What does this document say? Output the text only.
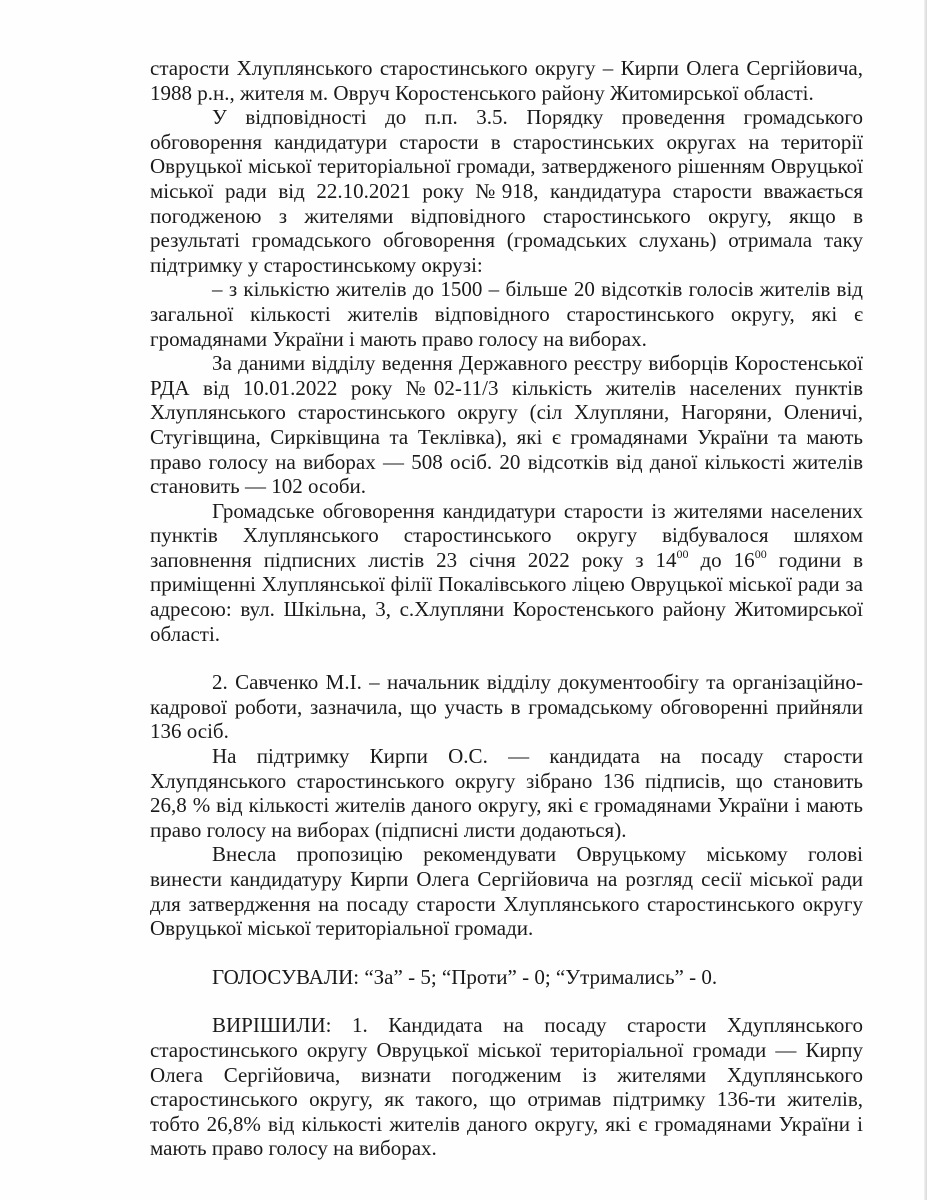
старости Хлуплянського старостинського округу – Кирпи Олега Сергійовича, 1988 р.н., жителя м. Овруч Коростенського району Житомирської області.

У відповідності до п.п. 3.5. Порядку проведення громадського обговорення кандидатури старости в старостинських округах на території Овруцької міської територіальної громади, затвердженого рішенням Овруцької міської ради від 22.10.2021 року №918, кандидатура старости вважається погодженою з жителями відповідного старостинського округу, якщо в результаті громадського обговорення (громадських слухань) отримала таку підтримку у старостинському окрузі:

– з кількістю жителів до 1500 – більше 20 відсотків голосів жителів від загальної кількості жителів відповідного старостинського округу, які є громадянами України і мають право голосу на виборах.

За даними відділу ведення Державного реєстру виборців Коростенської РДА від 10.01.2022 року №02-11/3 кількість жителів населених пунктів Хлуплянського старостинського округу (сіл Хлупляни, Нагоряни, Оленичі, Стугівщина, Сирківщина та Теклівка), які є громадянами України та мають право голосу на виборах — 508 осіб. 20 відсотків від даної кількості жителів становить — 102 особи.

Громадське обговорення кандидатури старости із жителями населених пунктів Хлуплянського старостинського округу відбувалося шляхом заповнення підписних листів 23 січня 2022 року з $14^{00}$ до $16^{00}$ години в приміщенні Хлуплянської філії Покалівського ліцею Овруцької міської ради за адресою: вул. Шкільна, 3, с.Хлупляни Коростенського району Житомирської області.

2. Савченко М.І. – начальник відділу документообігу та організаційно-кадрової роботи, зазначила, що участь в громадському обговоренні прийняли 136 осіб.

На підтримку Кирпи О.С. — кандидата на посаду старости Хлупдянського старостинського округу зібрано 136 підписів, що становить 26,8 % від кількості жителів даного округу, які є громадянами України і мають право голосу на виборах (підписні листи додаються).

Внесла пропозицію рекомендувати Овруцькому міському голові винести кандидатуру Кирпи Олега Сергійовича на розгляд сесії міської ради для затвердження на посаду старости Хлуплянського старостинського округу Овруцької міської територіальної громади.

ГОЛОСУВАЛИ: “За” - 5; “Проти” - 0; “Утримались” - 0.

ВИРІШИЛИ: 1. Кандидата на посаду старости Хдуплянського старостинського округу Овруцької міської територіальної громади — Кирпу Олега Сергійовича, визнати погодженим із жителями Хдуплянського старостинського округу, як такого, що отримав підтримку 136-ти жителів, тобто 26,8% від кількості жителів даного округу, які є громадянами України і мають право голосу на виборах.
